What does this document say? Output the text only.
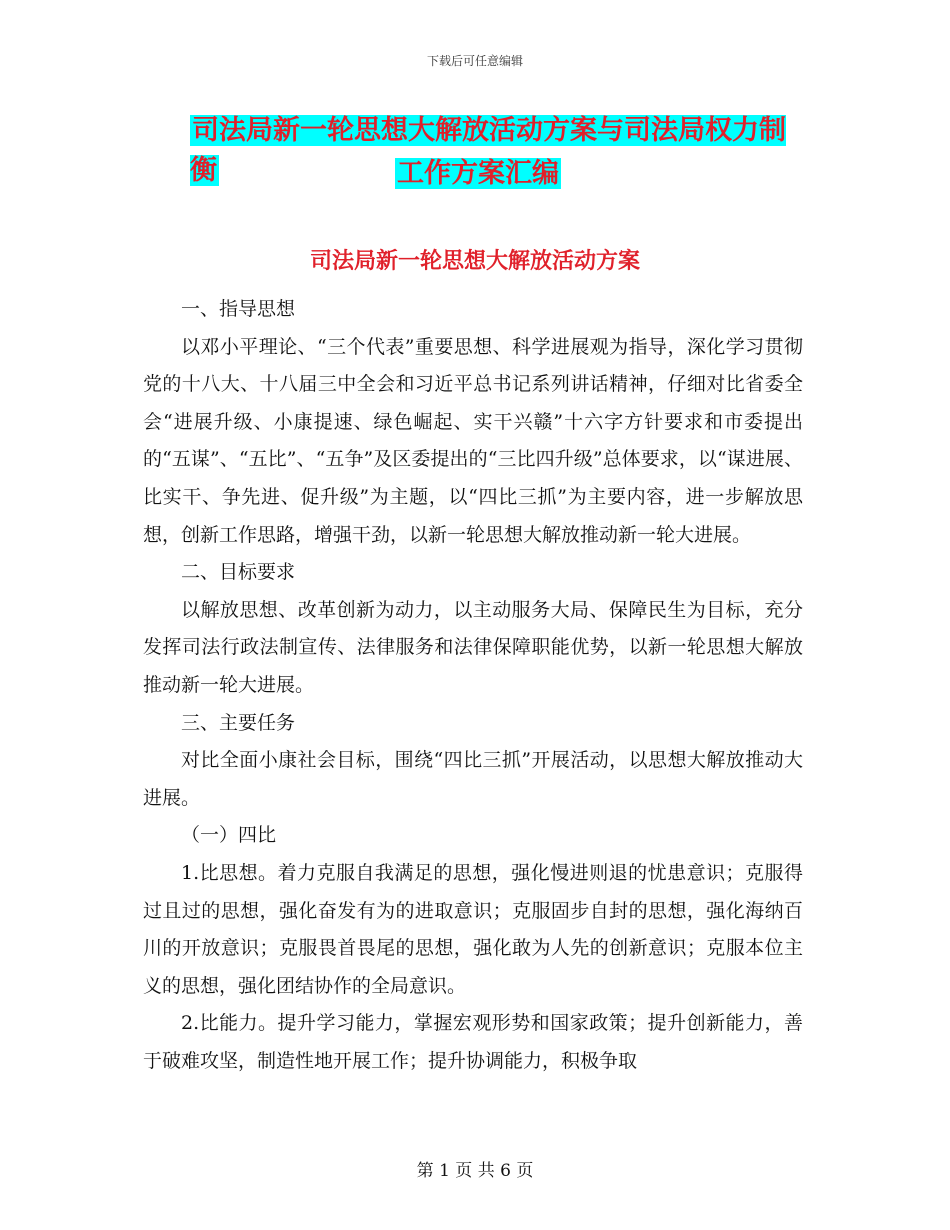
下载后可任意编辑
司法局新一轮思想大解放活动方案与司法局权力制衡	工作方案汇编
司法局新一轮思想大解放活动方案

一、指导思想

以邓小平理论、“三个代表”重要思想、科学进展观为指导，深化学习贯彻党的十八大、十八届三中全会和习近平总书记系列讲话精神，仔细对比省委全会“进展升级、小康提速、绿色崛起、实干兴赣”十六字方针要求和市委提出的“五谋”、“五比”、“五争”及区委提出的“三比四升级”总体要求，以“谋进展、比实干、争先进、促升级”为主题，以“四比三抓”为主要内容，进一步解放思想，创新工作思路，增强干劲，以新一轮思想大解放推动新一轮大进展。

二、目标要求

以解放思想、改革创新为动力，以主动服务大局、保障民生为目标，充分发挥司法行政法制宣传、法律服务和法律保障职能优势，以新一轮思想大解放推动新一轮大进展。

三、主要任务

对比全面小康社会目标，围绕“四比三抓”开展活动，以思想大解放推动大进展。

（一）四比

1.比思想。着力克服自我满足的思想，强化慢进则退的忧患意识；克服得过且过的思想，强化奋发有为的进取意识；克服固步自封的思想，强化海纳百川的开放意识；克服畏首畏尾的思想，强化敢为人先的创新意识；克服本位主义的思想，强化团结协作的全局意识。

2.比能力。提升学习能力，掌握宏观形势和国家政策；提升创新能力，善于破难攻坚，制造性地开展工作；提升协调能力，积极争取

第 1 页 共 6 页
